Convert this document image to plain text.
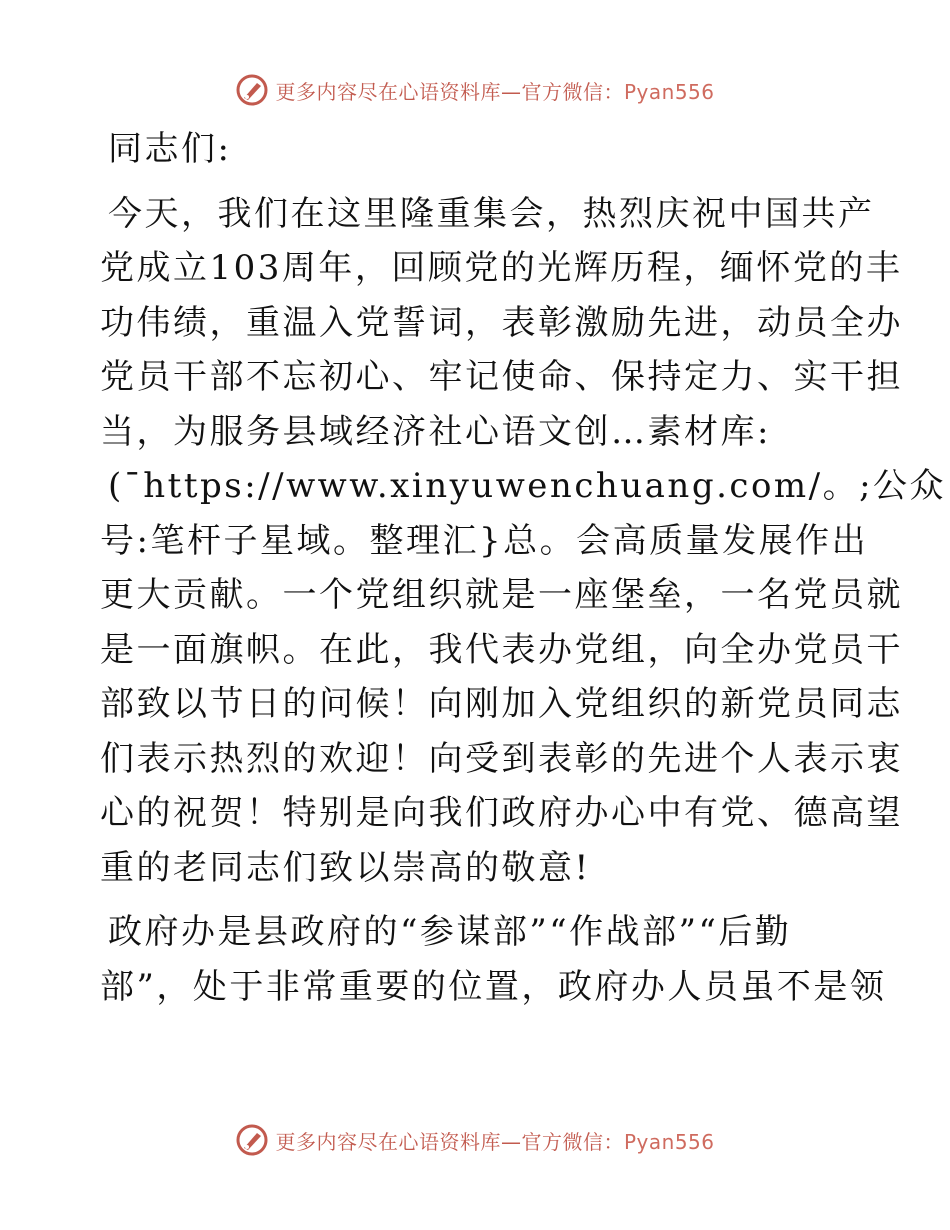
更多内容尽在心语资料库—官方微信：Pyan556

同志们:

今天，我们在这里隆重集会，热烈庆祝中国共产

党成立103周年，回顾党的光辉历程，缅怀党的丰

功伟绩，重温入党誓词，表彰激励先进，动员全办

党员干部不忘初心、牢记使命、保持定力、实干担

当，为服务县域经济社心语文创…素材库:

(¯https://www.xinyuwenchuang.com/。;公众

号:笔杆子星域。整理汇}总。会高质量发展作出

更大贡献。一个党组织就是一座堡垒，一名党员就

是一面旗帜。在此，我代表办党组，向全办党员干

部致以节日的问候！向刚加入党组织的新党员同志

们表示热烈的欢迎！向受到表彰的先进个人表示衷

心的祝贺！特别是向我们政府办心中有党、德高望

重的老同志们致以崇高的敬意!

政府办是县政府的“参谋部”“作战部”“后勤

部”，处于非常重要的位置，政府办人员虽不是领

更多内容尽在心语资料库—官方微信：Pyan556
